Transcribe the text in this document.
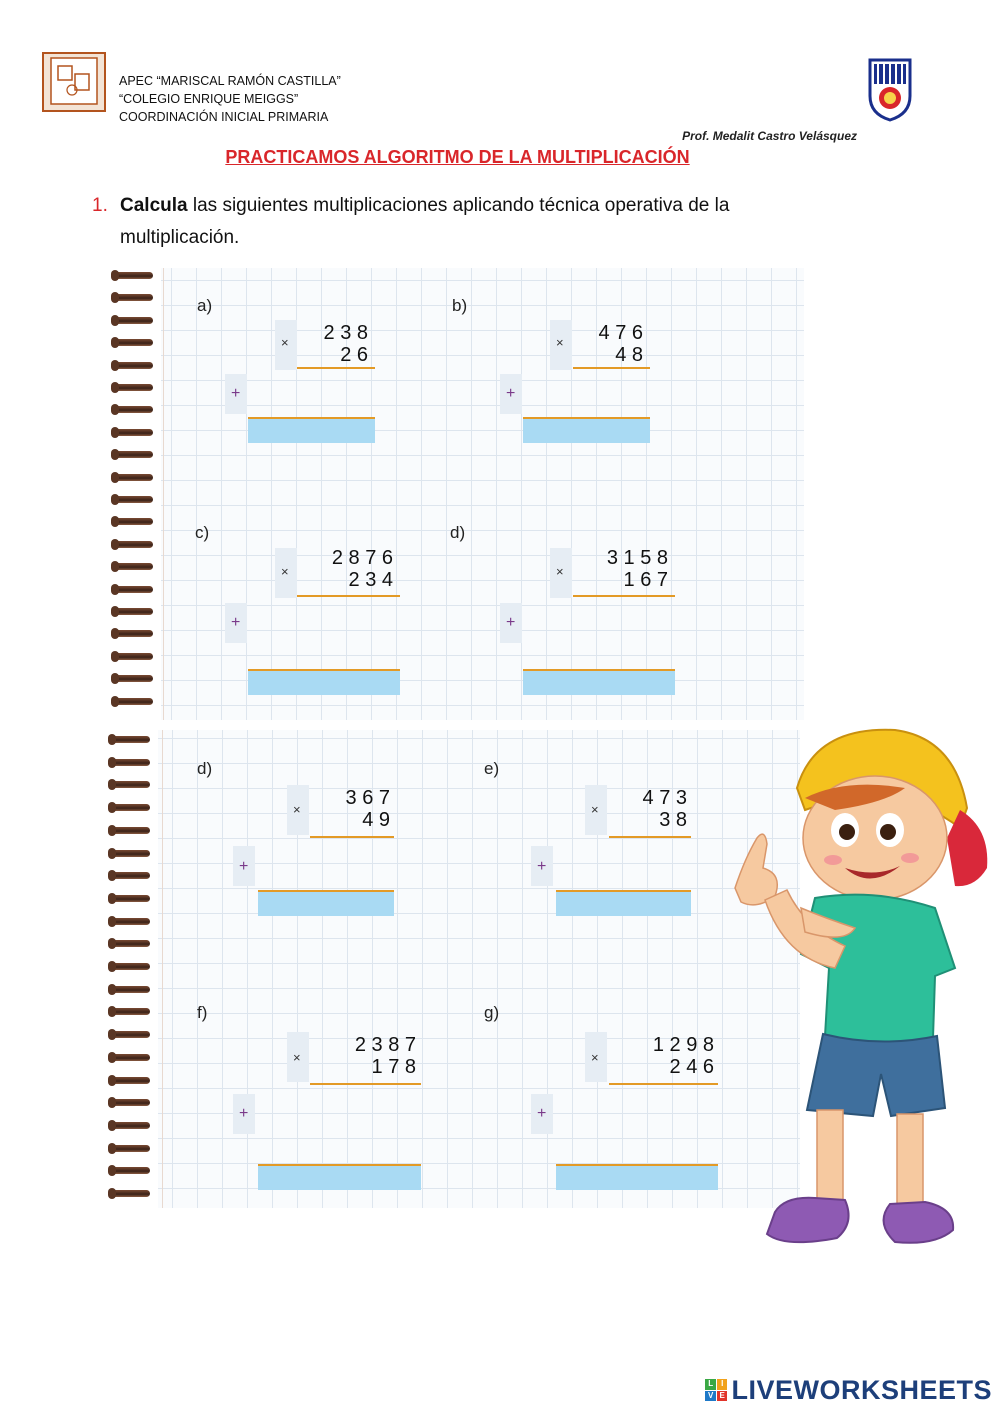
APEC “MARISCAL RAMÓN CASTILLA”
“COLEGIO ENRIQUE MEIGGS”
COORDINACIÓN INICIAL PRIMARIA
Prof. Medalit Castro Velásquez
PRACTICAMOS ALGORITMO DE LA MULTIPLICACIÓN
1. Calcula las siguientes multiplicaciones aplicando técnica operativa de la
multiplicación.
a)
× 2 3 8
2 6
+
b)
× 4 7 6
4 8
+
c)
×
2 8 7 6
2 3 4
+
d)
×
3 1 5 8
1 6 7
+
d)
×
3 6 7
4 9
+
e)
×
4 7 3
3 8
+
f)
×
2 3 8 7
1 7 8
+
g)
×
1 2 9 8
2 4 6
+
L I
V E LIVEWORKSHEETS
